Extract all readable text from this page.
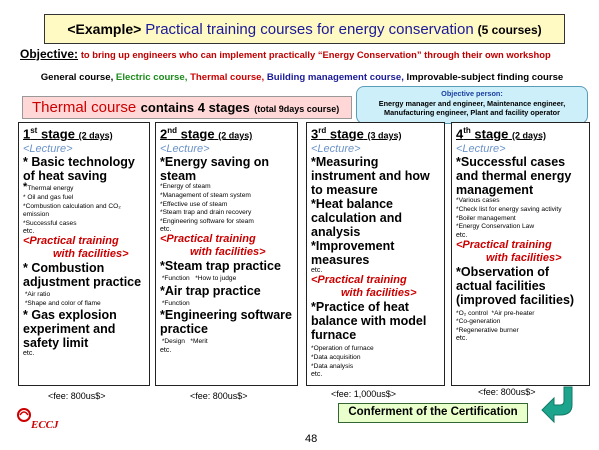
<Example> Practical training courses for energy conservation (5 courses)
Objective: to bring up engineers who can implement practically “Energy Conservation” through their own workshop
General course, Electric course, Thermal course, Building management course, Improvable-subject finding course
Thermal course contains 4 stages (total 9days course)
Objective person:
Energy manager and engineer, Maintenance engineer,
Manufacturing engineer, Plant and facility operator
1st stage (2 days)
<Lecture>
* Basic technology of heat saving
*Thermal energy
* Oil and gas fuel
*Combustion calculation and CO₂ emission
*Successful cases
etc.
<Practical training
with facilities>
* Combustion adjustment practice
*Air ratio
*Shape and color of flame
* Gas explosion experiment and safety limit
etc.
2nd stage (2 days)
<Lecture>
*Energy saving on steam
*Energy of steam
*Management of steam system
*Effective use of steam
*Steam trap and drain recovery
*Engineering software for steam
etc.
<Practical training
with facilities>
*Steam trap practice
*Function   *How to judge
*Air trap practice
*Function
*Engineering software practice
*Design   *Merit
etc.
3rd stage (3 days)
<Lecture>
*Measuring instrument and how to measure
*Heat balance calculation and analysis
*Improvement measures
etc.
<Practical training
with facilities>
*Practice of heat balance with model furnace
*Operation of furnace
*Data acquisition
*Data analysis
etc.
4th stage (2 days)
<Lecture>
*Successful cases and thermal energy management
*Various cases
*Check list for energy saving activity
*Boiler management
*Energy Conservation Law
etc.
<Practical training
with facilities>
*Observation of actual facilities (improved facilities)
*O₂ control  *Air pre-heater
*Co-generation
*Regenerative burner
etc.
<fee: 800us$>	<fee: 800us$>	<fee: 1,000us$>	<fee: 800us$>
Conferment of the Certification
ECCJ
48
